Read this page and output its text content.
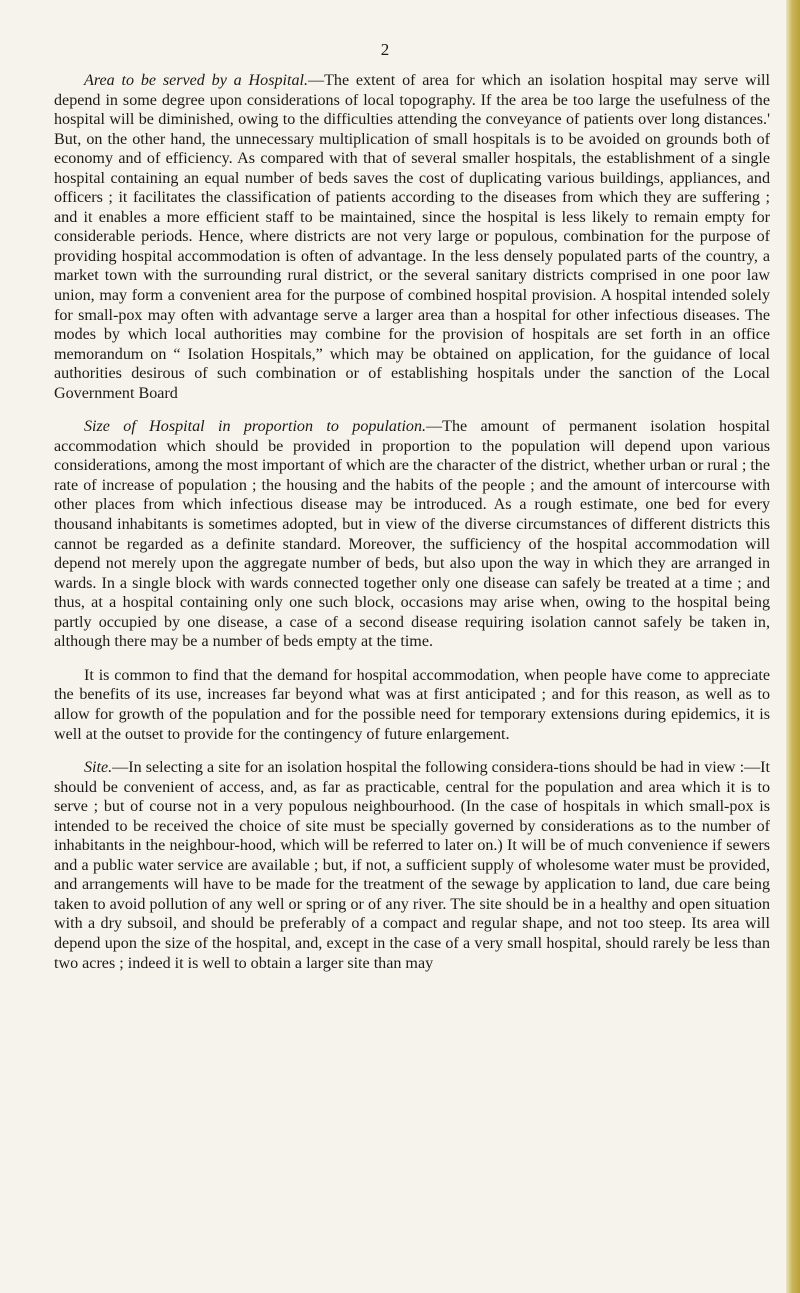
2

Area to be served by a Hospital.—The extent of area for which an isolation hospital may serve will depend in some degree upon considerations of local topography. If the area be too large the usefulness of the hospital will be diminished, owing to the difficulties attending the conveyance of patients over long distances.' But, on the other hand, the unnecessary multiplication of small hospitals is to be avoided on grounds both of economy and of efficiency. As compared with that of several smaller hospitals, the establishment of a single hospital containing an equal number of beds saves the cost of duplicating various buildings, appliances, and officers ; it facilitates the classification of patients according to the diseases from which they are suffering ; and it enables a more efficient staff to be maintained, since the hospital is less likely to remain empty for considerable periods. Hence, where districts are not very large or populous, combination for the purpose of providing hospital accommodation is often of advantage. In the less densely populated parts of the country, a market town with the surrounding rural district, or the several sanitary districts comprised in one poor law union, may form a convenient area for the purpose of combined hospital provision. A hospital intended solely for small-pox may often with advantage serve a larger area than a hospital for other infectious diseases. The modes by which local authorities may combine for the provision of hospitals are set forth in an office memorandum on “ Isolation Hospitals,” which may be obtained on application, for the guidance of local authorities desirous of such combination or of establishing hospitals under the sanction of the Local Government Board

Size of Hospital in proportion to population.—The amount of permanent isolation hospital accommodation which should be provided in proportion to the population will depend upon various considerations, among the most important of which are the character of the district, whether urban or rural ; the rate of increase of population ; the housing and the habits of the people ; and the amount of intercourse with other places from which infectious disease may be introduced. As a rough estimate, one bed for every thousand inhabitants is sometimes adopted, but in view of the diverse circumstances of different districts this cannot be regarded as a definite standard. Moreover, the sufficiency of the hospital accommodation will depend not merely upon the aggregate number of beds, but also upon the way in which they are arranged in wards. In a single block with wards connected together only one disease can safely be treated at a time ; and thus, at a hospital containing only one such block, occasions may arise when, owing to the hospital being partly occupied by one disease, a case of a second disease requiring isolation cannot safely be taken in, although there may be a number of beds empty at the time.

It is common to find that the demand for hospital accommodation, when people have come to appreciate the benefits of its use, increases far beyond what was at first anticipated ; and for this reason, as well as to allow for growth of the population and for the possible need for temporary extensions during epidemics, it is well at the outset to provide for the contingency of future enlargement.

Site.—In selecting a site for an isolation hospital the following considera-tions should be had in view :—It should be convenient of access, and, as far as practicable, central for the population and area which it is to serve ; but of course not in a very populous neighbourhood. (In the case of hospitals in which small-pox is intended to be received the choice of site must be specially governed by considerations as to the number of inhabitants in the neighbour-hood, which will be referred to later on.) It will be of much convenience if sewers and a public water service are available ; but, if not, a sufficient supply of wholesome water must be provided, and arrangements will have to be made for the treatment of the sewage by application to land, due care being taken to avoid pollution of any well or spring or of any river. The site should be in a healthy and open situation with a dry subsoil, and should be preferably of a compact and regular shape, and not too steep. Its area will depend upon the size of the hospital, and, except in the case of a very small hospital, should rarely be less than two acres ; indeed it is well to obtain a larger site than may
